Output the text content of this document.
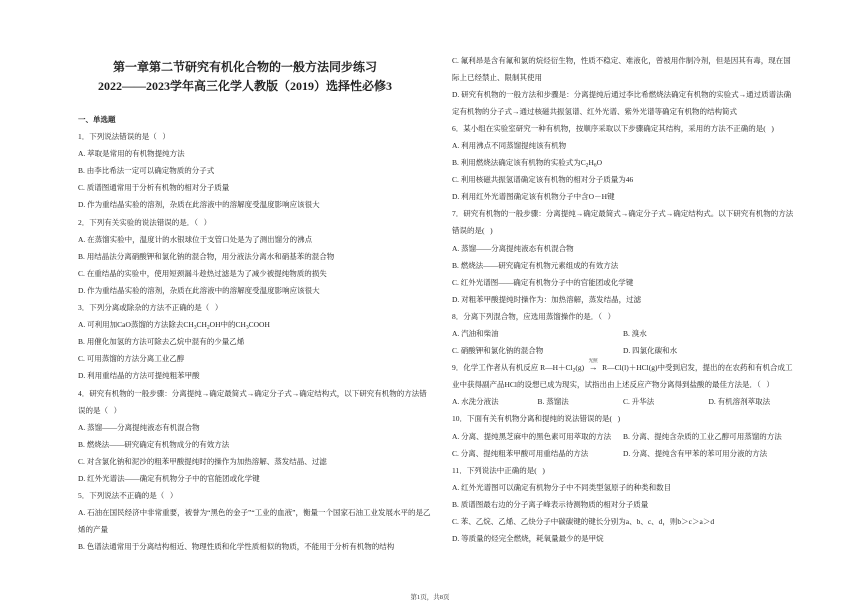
第一章第二节研究有机化合物的一般方法同步练习
2022——2023学年高三化学人教版（2019）选择性必修3
一、单选题
1．下列说法错误的是（   ）
A. 萃取是常用的有机物提纯方法
B. 由李比希法一定可以确定物质的分子式
C. 质谱图通常用于分析有机物的相对分子质量
D. 作为重结晶实验的溶剂，杂质在此溶液中的溶解度受温度影响应该很大
2．下列有关实验的说法错误的是．（   ）
A. 在蒸馏实验中，温度计的水银球位于支管口处是为了测出馏分的沸点
B. 用结晶法分离硝酸钾和氯化钠的混合物，用分液法分离水和硝基苯的混合物
C. 在重结晶的实验中，使用短颈漏斗趁热过滤是为了减少被提纯物质的损失
D. 作为重结晶实验的溶剂，杂质在此溶液中的溶解度受温度影响应该很大
3．下列分离或除杂的方法不正确的是（   ）
A. 可利用加CaO蒸馏的方法除去$CH_3CH_2OH$中的$CH_3COOH$
B. 用催化加氢的方法可除去乙烷中混有的少量乙烯
C. 可用蒸馏的方法分离工业乙醇
D. 利用重结晶的方法可提纯粗苯甲酸
4．研究有机物的一般步骤：分离提纯→确定最简式→确定分子式→确定结构式，以下研究有机物的方法错误的是（   ）
A. 蒸馏——分离提纯液态有机混合物
B. 燃烧法——研究确定有机物成分的有效方法
C. 对含氯化钠和泥沙的粗苯甲酸提纯时的操作为加热溶解、蒸发结晶、过滤
D. 红外光谱法——确定有机物分子中的官能团或化学键
5．下列说法不正确的是（   ）
A. 石油在国民经济中非常重要，被誉为“黑色的金子”“工业的血液”，衡量一个国家石油工业发展水平的是乙烯的产量
B. 色谱法通常用于分离结构相近、物理性质和化学性质相似的物质，不能用于分析有机物的结构
C. 氟利昂是含有氟和氯的烷烃衍生物，性质不稳定、难液化，曾被用作制冷剂，但是因其有毒，现在国际上已经禁止、限制其使用
D. 研究有机物的一般方法和步骤是：分离提纯后通过李比希燃烧法确定有机物的实验式→通过质谱法确定有机物的分子式→通过核磁共振氢谱、红外光谱、紫外光谱等确定有机物的结构简式
6．某小组在实验室研究一种有机物，按顺序采取以下步骤确定其结构，采用的方法不正确的是(   )
A. 利用沸点不同蒸馏提纯该有机物
B. 利用燃烧法确定该有机物的实验式为$C_2H_6O$
C. 利用核磁共振氢谱确定该有机物的相对分子质量为46
D. 利用红外光谱图确定该有机物分子中含O－H键
7．研究有机物的一般步骤：分离提纯→确定最简式→确定分子式→确定结构式。以下研究有机物的方法错误的是(   )
A. 蒸馏——分离提纯液态有机混合物
B. 燃烧法——研究确定有机物元素组成的有效方法
C. 红外光谱图——确定有机物分子中的官能团或化学键
D. 对粗苯甲酸提纯时操作为：加热溶解，蒸发结晶，过滤
8．分离下列混合物，应选用蒸馏操作的是．（   ）
A. 汽油和柴油	B. 溴水
C. 硝酸钾和氯化钠的混合物	D. 四氯化碳和水
9．化学工作者从有机反应 $R—H+Cl_2(g)$
光照
→ R—Cl(l)＋HCl(g)中受到启发，提出的在农药和有机合成工业中获得副产品HCl的设想已成为现实，试指出由上述反应产物分离得到盐酸的最佳方法是．（   ）
A. 水洗分液法	B. 蒸馏法	C. 升华法	D. 有机溶剂萃取法
10．下面有关有机物分离和提纯的说法错误的是(   )
A. 分离、提纯黑芝麻中的黑色素可用萃取的方法	B. 分离、提纯含杂质的工业乙醇可用蒸馏的方法
C. 分离、提纯粗苯甲酸可用重结晶的方法	D. 分离、提纯含有甲苯的苯可用分液的方法
11．下列说法中正确的是(   )
A. 红外光谱图可以确定有机物分子中不同类型氢原子的种类和数目
B. 质谱图最右边的分子离子峰表示待测物质的相对分子质量
C. 苯、乙烷、乙烯、乙炔分子中碳碳键的键长分别为a、b、c、d，则b＞c＞a＞d
D. 等质量的烃完全燃烧，耗氧量最少的是甲烷
第1页，共8页
